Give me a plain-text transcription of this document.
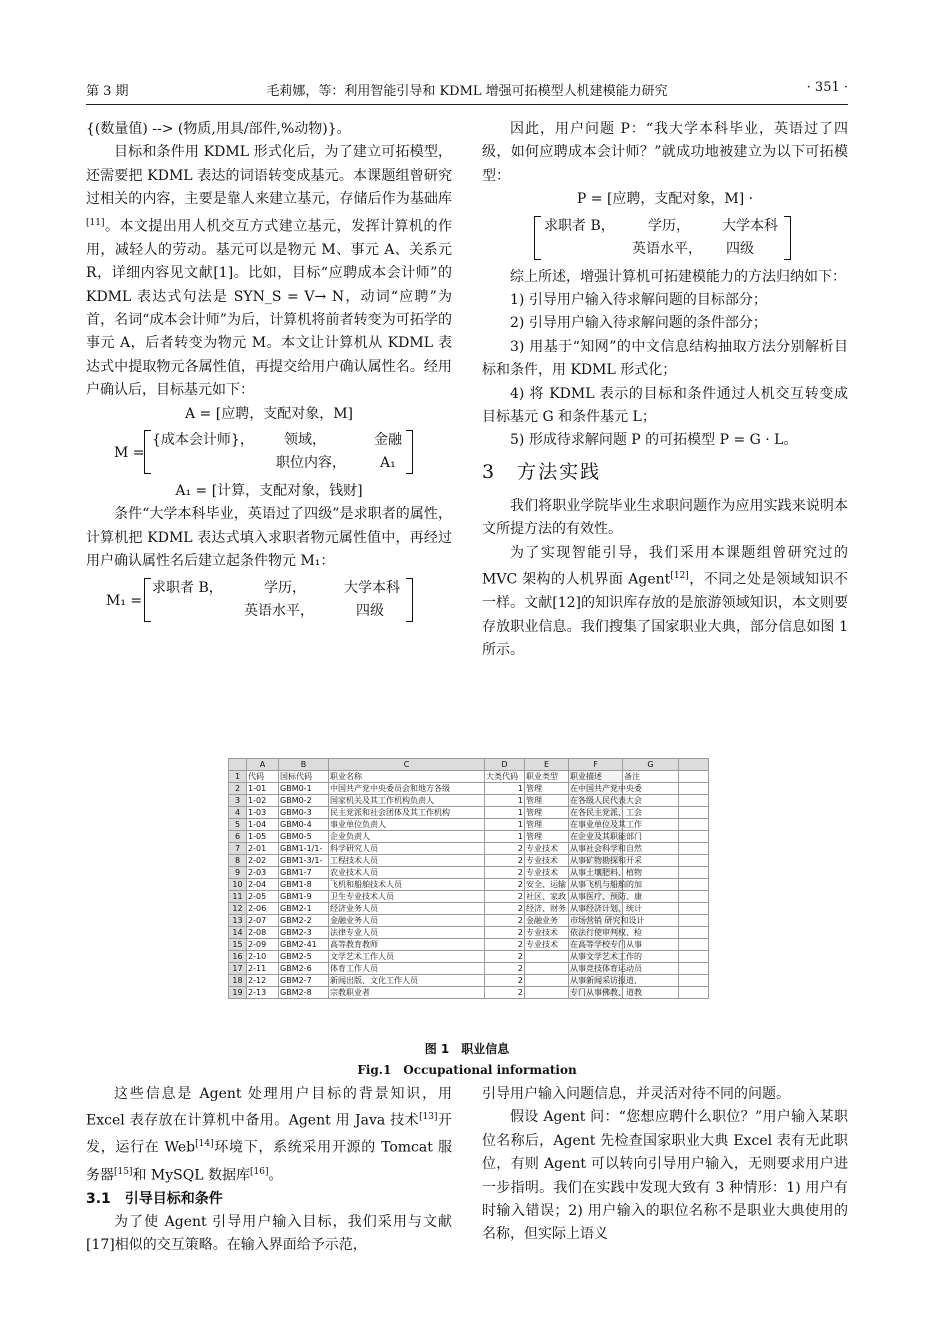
第 3 期	毛莉娜，等：利用智能引导和 KDML 增强可拓模型人机建模能力研究	· 351 ·

{(数量值) --> (物质,用具/部件,%动物)}。

目标和条件用 KDML 形式化后，为了建立可拓模型，还需要把 KDML 表达的词语转变成基元。本课题组曾研究过相关的内容，主要是靠人来建立基元，存储后作为基础库[11]。本文提出用人机交互方式建立基元，发挥计算机的作用，减轻人的劳动。基元可以是物元 M、事元 A、关系元 R，详细内容见文献[1]。比如，目标“应聘成本会计师”的 KDML 表达式句法是 SYN_S = V→ N，动词“应聘”为首，名词“成本会计师”为后，计算机将前者转变为可拓学的事元 A，后者转变为物元 M。本文让计算机从 KDML 表达式中提取物元各属性值，再提交给用户确认属性名。经用户确认后，目标基元如下：

A = [应聘，支配对象，M]

M =
{成本会计师}， 领域，	金融
职位内容， A₁

A₁ = [计算，支配对象，钱财]

条件“大学本科毕业，英语过了四级”是求职者的属性，计算机把 KDML 表达式填入求职者物元属性值中，再经过用户确认属性名后建立起条件物元 M₁：

M₁ =
求职者 B，	学历，	大学本科
英语水平，	四级

因此，用户问题 P：“我大学本科毕业，英语过了四级，如何应聘成本会计师？”就成功地被建立为以下可拓模型：

P = [应聘，支配对象，M] ·

求职者 B， 学历， 大学本科
英语水平， 四级

综上所述，增强计算机可拓建模能力的方法归纳如下：

1) 引导用户输入待求解问题的目标部分；

2) 引导用户输入待求解问题的条件部分；

3) 用基于“知网”的中文信息结构抽取方法分别解析目标和条件，用 KDML 形式化；

4) 将 KDML 表示的目标和条件通过人机交互转变成目标基元 G 和条件基元 L；

5) 形成待求解问题 P 的可拓模型 P = G · L。

3　方法实践

我们将职业学院毕业生求职问题作为应用实践来说明本文所提方法的有效性。

为了实现智能引导，我们采用本课题组曾研究过的 MVC 架构的人机界面 Agent[12]，不同之处是领域知识不一样。文献[12]的知识库存放的是旅游领域知识，本文则要存放职业信息。我们搜集了国家职业大典，部分信息如图 1 所示。

	A	B	C	D	E	F	G	
1	代码	国标代码	职业名称	大类代码	职业类型	职业描述	备注	
2	1-01	GBM0-1	中国共产党中央委员会和地方各级	1	管理	在中国共产党中央委		
3	1-02	GBM0-2	国家机关及其工作机构负责人	1	管理	在各级人民代表大会		
4	1-03	GBM0-3	民主党派和社会团体及其工作机构	1	管理	在各民主党派、工会		
5	1-04	GBM0-4	事业单位负责人	1	管理	在事业单位及其工作		
6	1-05	GBM0-5	企业负责人	1	管理	在企业及其职能部门		
7	2-01	GBM1-1/1-	科学研究人员	2	专业技术	从事社会科学和自然		
8	2-02	GBM1-3/1-	工程技术人员	2	专业技术	从事矿物勘探和开采		
9	2-03	GBM1-7	农业技术人员	2	专业技术	从事土壤肥料、植物		
10	2-04	GBM1-8	飞机和船舶技术人员	2	安全、运输	从事飞机与船舶的加		
11	2-05	GBM1-9	卫生专业技术人员	2	社区、家政	从事医疗、预防、康		
12	2-06	GBM2-1	经济业务人员	2	经济、财务	从事经济计划、统计		
13	2-07	GBM2-2	金融业务人员	2	金融业务	市场营销 研究和设计		
14	2-08	GBM2-3	法律专业人员	2	专业技术	依法行使审判权、检		
15	2-09	GBM2-41	高等教育教师	2	专业技术	在高等学校专门从事		
16	2-10	GBM2-5	文学艺术工作人员	2		从事文学艺术工作的		
17	2-11	GBM2-6	体育工作人员	2		从事竞技体育运动员		
18	2-12	GBM2-7	新闻出版、文化工作人员	2		从事新闻采访报道、		
19	2-13	GBM2-8	宗教职业者	2		专门从事佛教、道教		
图 1　职业信息
Fig.1　Occupational information

这些信息是 Agent 处理用户目标的背景知识，用 Excel 表存放在计算机中备用。Agent 用 Java 技术[13]开发，运行在 Web[14]环境下，系统采用开源的 Tomcat 服务器[15]和 MySQL 数据库[16]。

3.1　引导目标和条件

为了使 Agent 引导用户输入目标，我们采用与文献[17]相似的交互策略。在输入界面给予示范，

引导用户输入问题信息，并灵活对待不同的问题。

假设 Agent 问：“您想应聘什么职位？”用户输入某职位名称后，Agent 先检查国家职业大典 Excel 表有无此职位，有则 Agent 可以转向引导用户输入，无则要求用户进一步指明。我们在实践中发现大致有 3 种情形：1) 用户有时输入错误；2) 用户输入的职位名称不是职业大典使用的名称，但实际上语义
